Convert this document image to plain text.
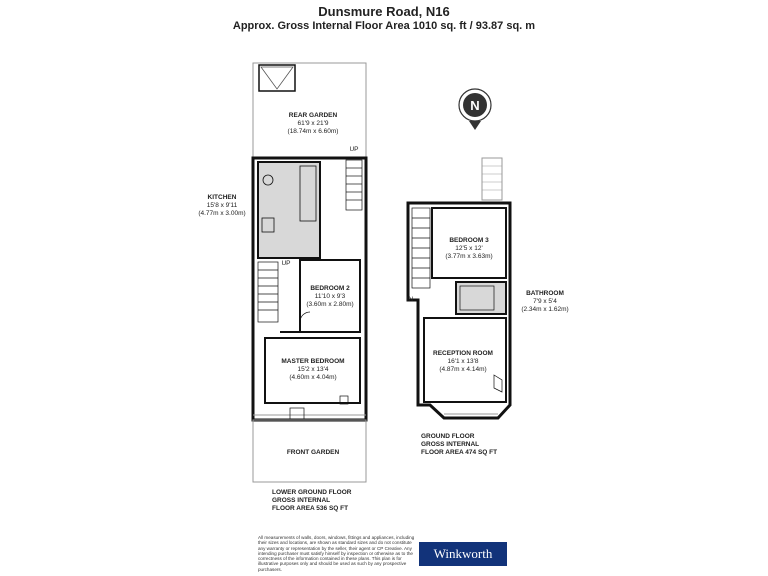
Dunsmure Road, N16
Approx. Gross Internal Floor Area 1010 sq. ft / 93.87 sq. m
N
REAR GARDEN
61'9 x 21'9
(18.74m x 6.60m)
KITCHEN
15'8 x 9'11
(4.77m x 3.00m)
UP
UP
BEDROOM 2
11'10 x 9'3
(3.60m x 2.80m)
MASTER BEDROOM
15'2 x 13'4
(4.60m x 4.04m)
FRONT GARDEN
LOWER GROUND FLOOR
GROSS INTERNAL
FLOOR AREA 536 SQ FT
IN
BEDROOM 3
12'5 x 12'
(3.77m x 3.63m)
BATHROOM
7'9 x 5'4
(2.34m x 1.62m)
RECEPTION ROOM
16'1 x 13'8
(4.87m x 4.14m)
GROUND FLOOR
GROSS INTERNAL
FLOOR AREA 474 SQ FT
All measurements of walls, doors, windows, fittings and appliances, including their sizes and locations, are shown as standard sizes and do not constitute any warranty or representation by the seller, their agent or CP Creative. Any intending purchaser must satisfy himself by inspection or otherwise as to the correctness of the information contained in these plans. This plan is for illustrative purposes only and should be used as such by any prospective purchasers.
Winkworth
